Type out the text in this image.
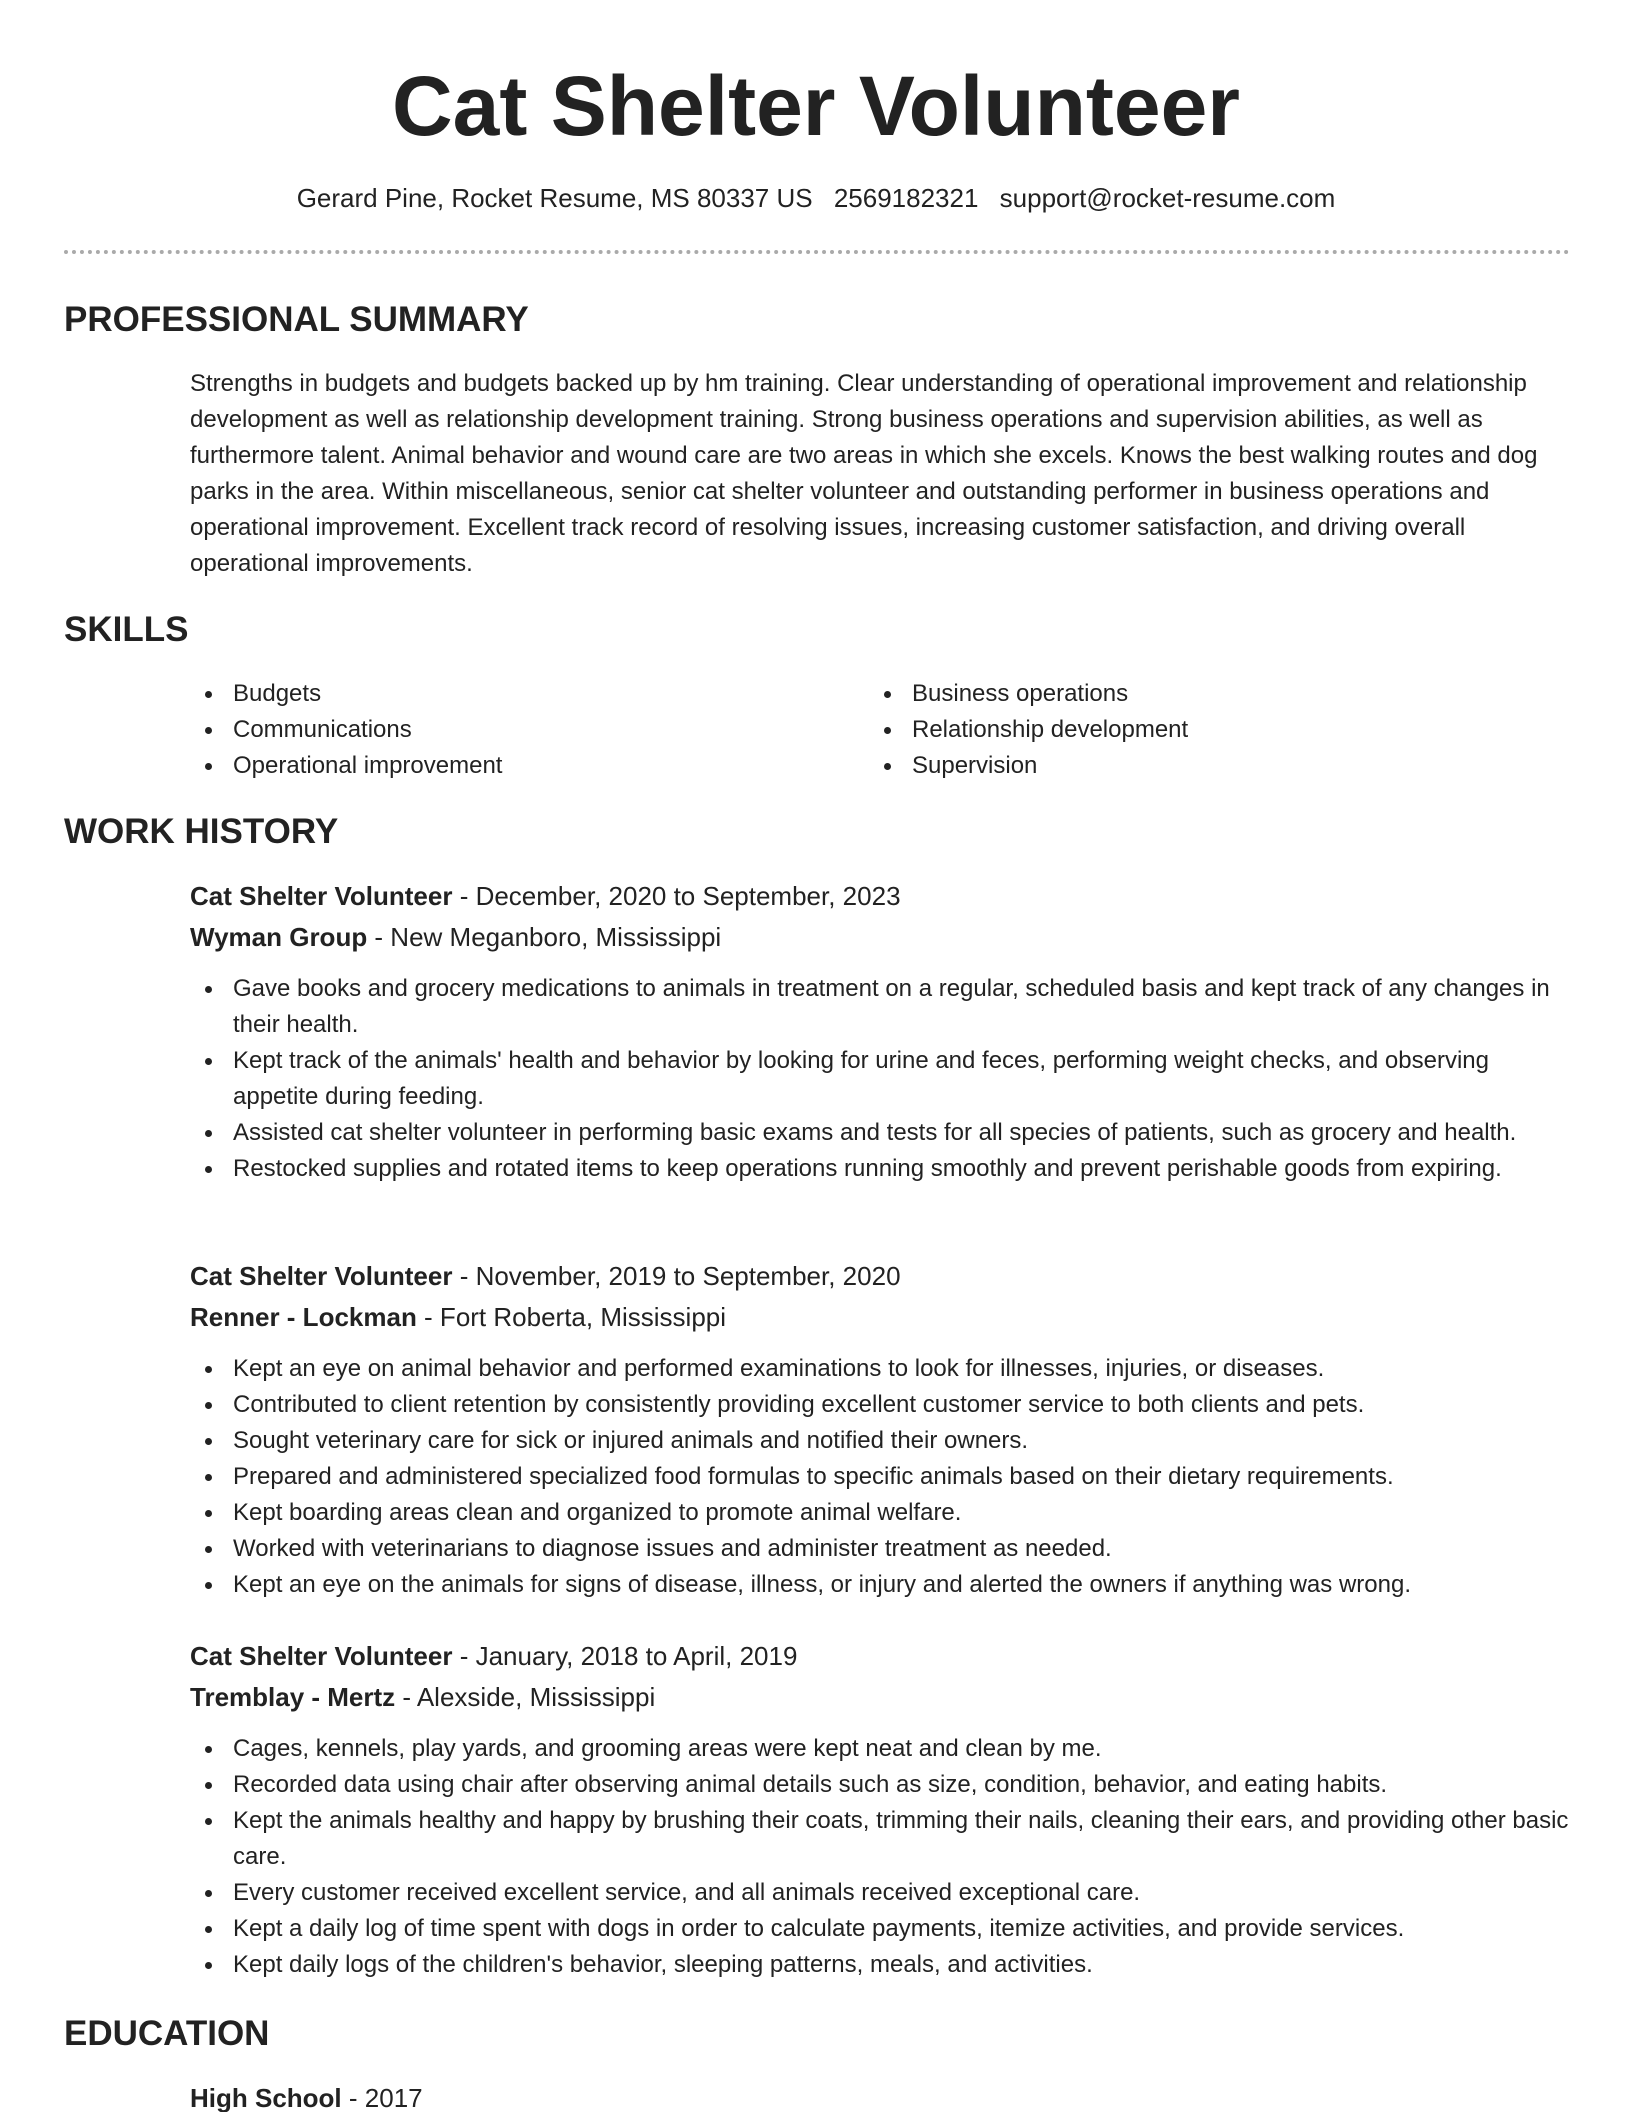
Cat Shelter Volunteer
Gerard Pine, Rocket Resume, MS 80337 US 2569182321 support@rocket-resume.com
PROFESSIONAL SUMMARY

Strengths in budgets and budgets backed up by hm training. Clear understanding of operational improvement and relationship development as well as relationship development training. Strong business operations and supervision abilities, as well as furthermore talent. Animal behavior and wound care are two areas in which she excels. Knows the best walking routes and dog parks in the area. Within miscellaneous, senior cat shelter volunteer and outstanding performer in business operations and operational improvement. Excellent track record of resolving issues, increasing customer satisfaction, and driving overall operational improvements.

SKILLS
Budgets
Communications
Operational improvement
Business operations
Relationship development
Supervision
WORK HISTORY
Cat Shelter Volunteer - December, 2020 to September, 2023
Wyman Group - New Meganboro, Mississippi
Gave books and grocery medications to animals in treatment on a regular, scheduled basis and kept track of any changes in their health.
Kept track of the animals' health and behavior by looking for urine and feces, performing weight checks, and observing appetite during feeding.
Assisted cat shelter volunteer in performing basic exams and tests for all species of patients, such as grocery and health.
Restocked supplies and rotated items to keep operations running smoothly and prevent perishable goods from expiring.
Cat Shelter Volunteer - November, 2019 to September, 2020
Renner - Lockman - Fort Roberta, Mississippi
Kept an eye on animal behavior and performed examinations to look for illnesses, injuries, or diseases.
Contributed to client retention by consistently providing excellent customer service to both clients and pets.
Sought veterinary care for sick or injured animals and notified their owners.
Prepared and administered specialized food formulas to specific animals based on their dietary requirements.
Kept boarding areas clean and organized to promote animal welfare.
Worked with veterinarians to diagnose issues and administer treatment as needed.
Kept an eye on the animals for signs of disease, illness, or injury and alerted the owners if anything was wrong.
Cat Shelter Volunteer - January, 2018 to April, 2019
Tremblay - Mertz - Alexside, Mississippi
Cages, kennels, play yards, and grooming areas were kept neat and clean by me.
Recorded data using chair after observing animal details such as size, condition, behavior, and eating habits.
Kept the animals healthy and happy by brushing their coats, trimming their nails, cleaning their ears, and providing other basic care.
Every customer received excellent service, and all animals received exceptional care.
Kept a daily log of time spent with dogs in order to calculate payments, itemize activities, and provide services.
Kept daily logs of the children's behavior, sleeping patterns, meals, and activities.
EDUCATION
High School - 2017
